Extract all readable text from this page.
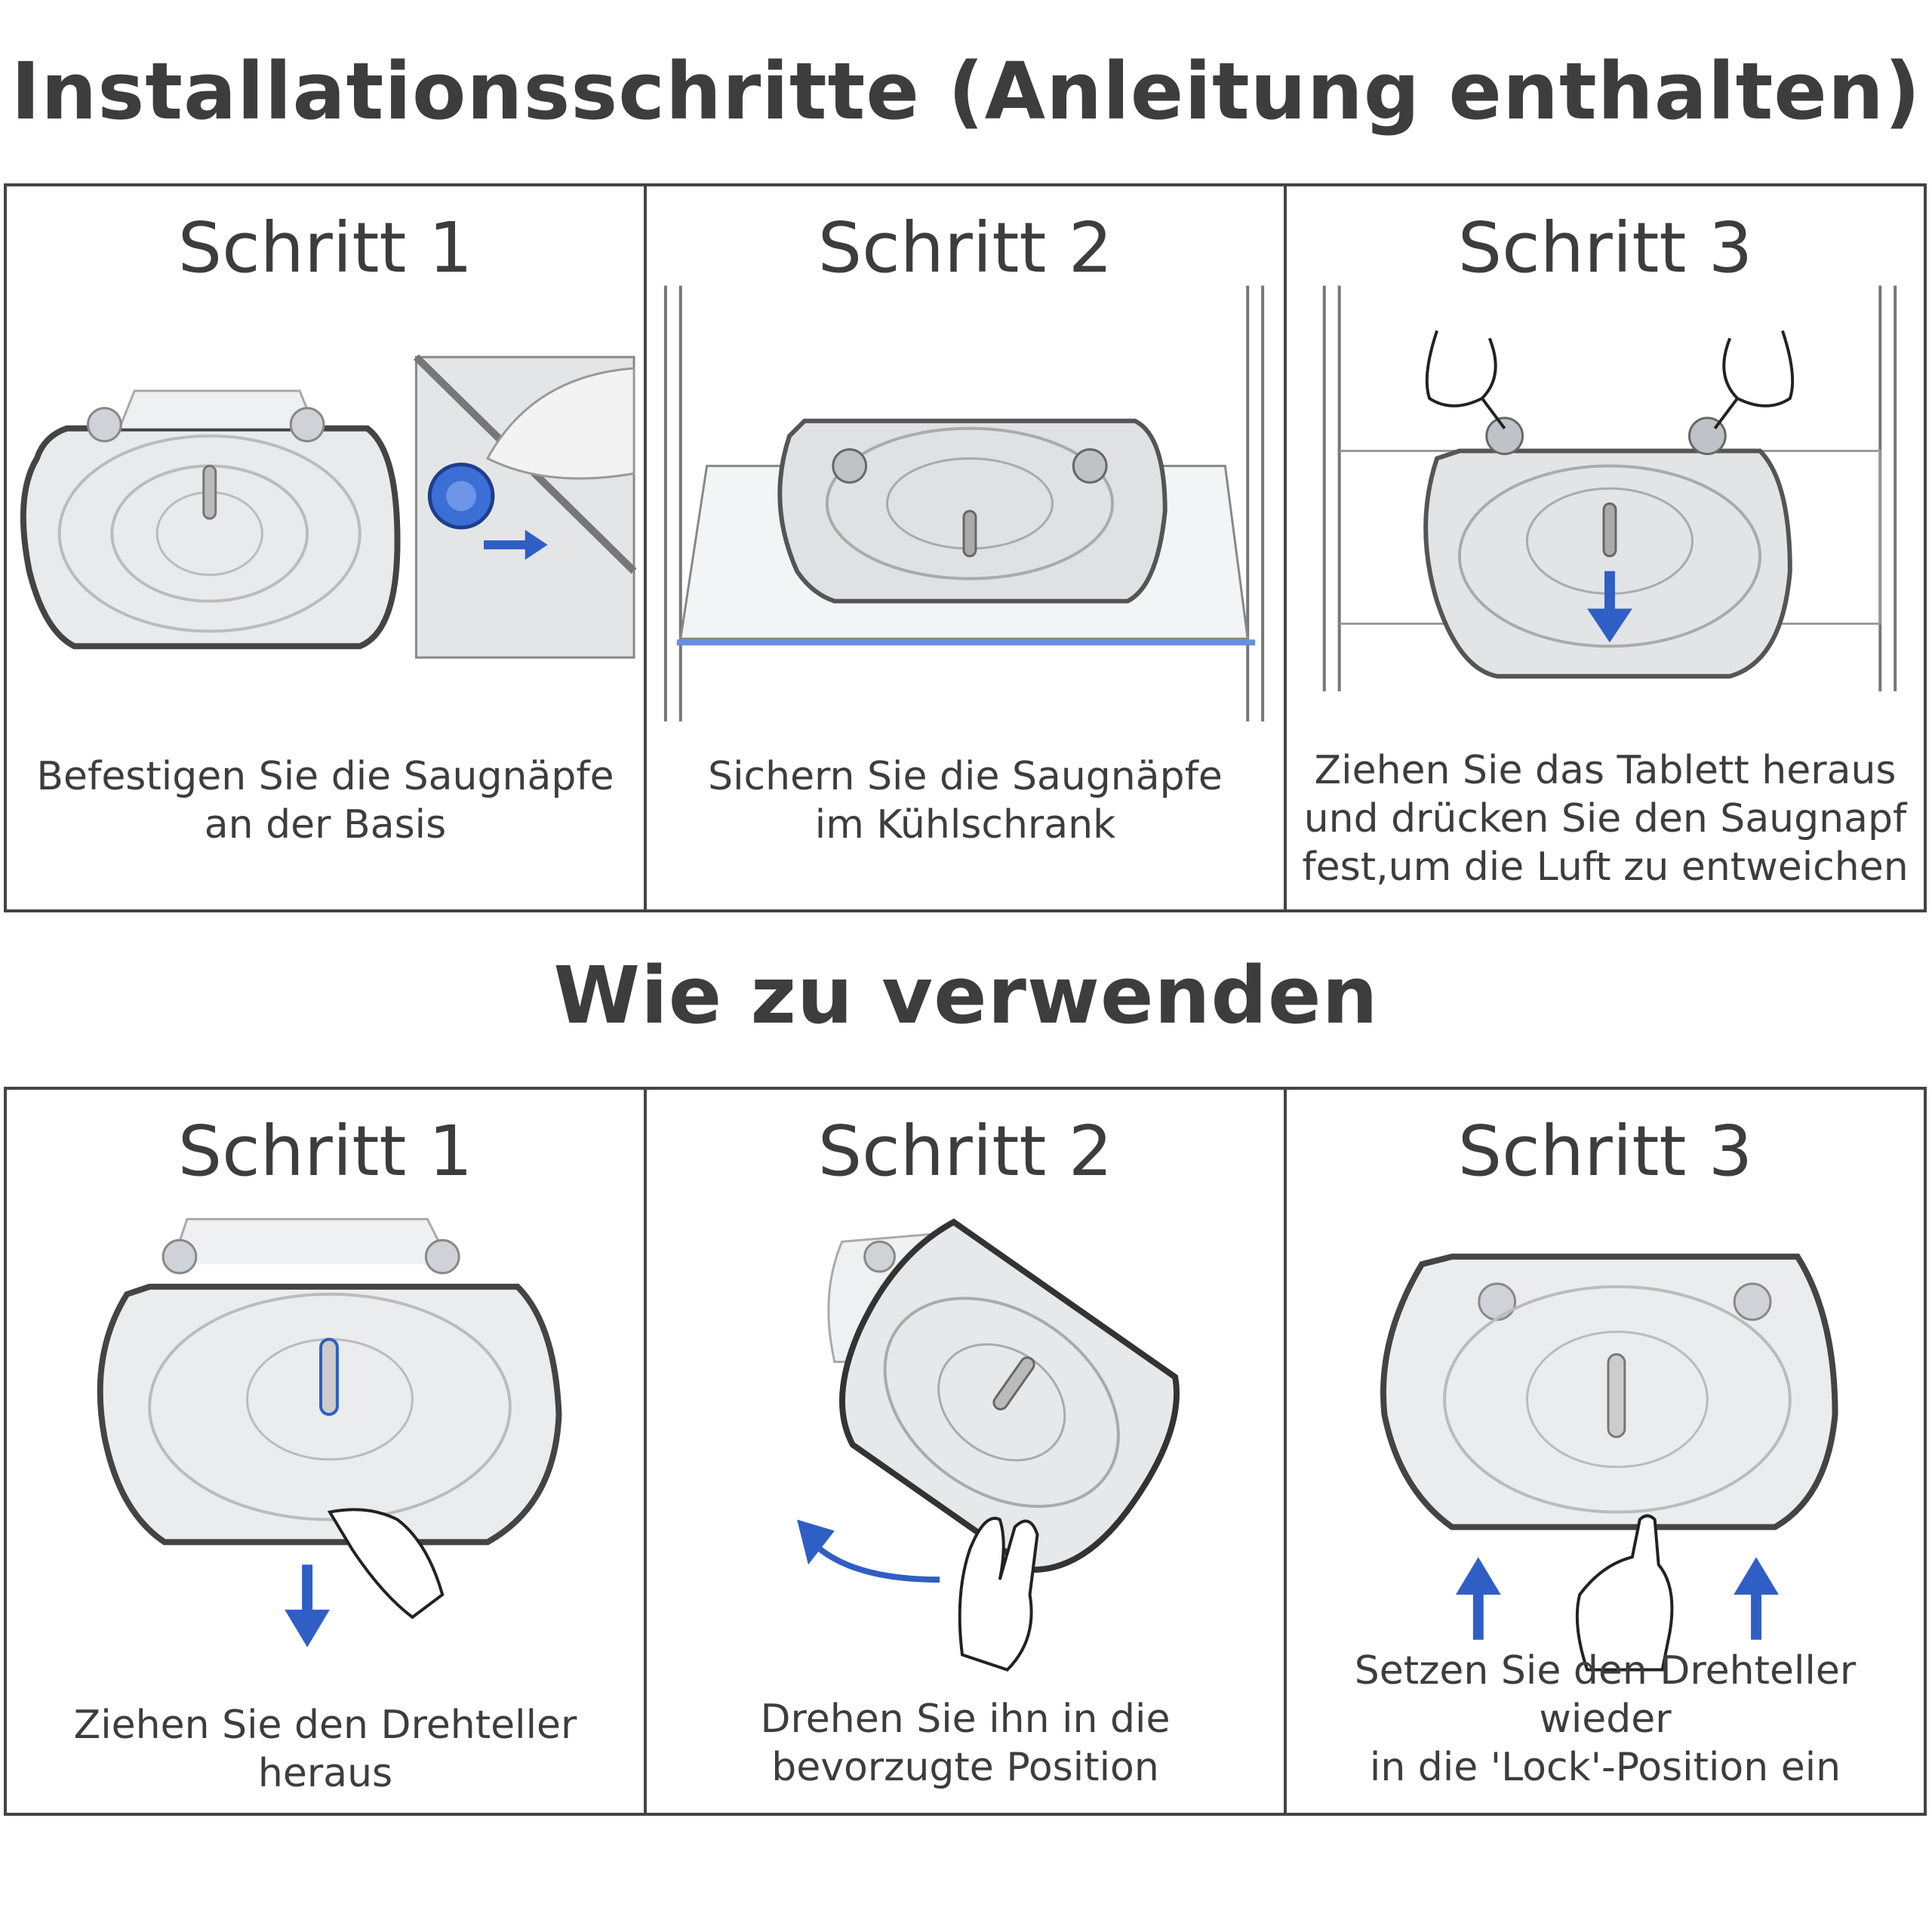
Installationsschritte (Anleitung enthalten)
Schritt 1
Befestigen Sie die Saugnäpfe
an der Basis
Schritt 2
Sichern Sie die Saugnäpfe
im Kühlschrank
Schritt 3
Ziehen Sie das Tablett heraus
und drücken Sie den Saugnapf
fest,um die Luft zu entweichen
Wie zu verwenden
Schritt 1
Ziehen Sie den Drehteller
heraus
Schritt 2
Drehen Sie ihn in die
bevorzugte Position
Schritt 3
Setzen Sie den Drehteller wieder
in die 'Lock'-Position ein
